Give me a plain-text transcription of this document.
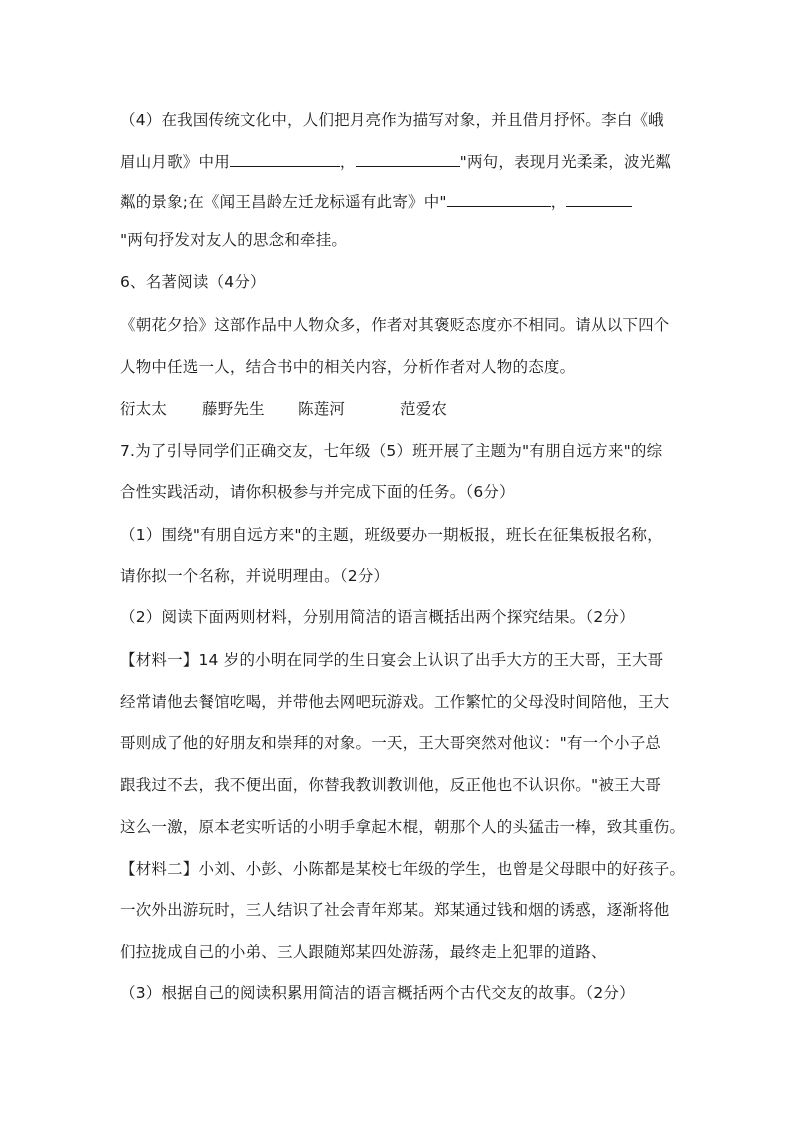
（4）在我国传统文化中，人们把月亮作为描写对象，并且借月抒怀。李白《峨
眉山月歌》中用	，	"两句，表现月光柔柔，波光粼
粼的景象;在《闻王昌龄左迁龙标遥有此寄》中"	，
"两句抒发对友人的思念和牵挂。
6、名著阅读（4分）
《朝花夕拾》这部作品中人物众多，作者对其褒贬态度亦不相同。请从以下四个
人物中任选一人，结合书中的相关内容，分析作者对人物的态度。
衍太太 藤野先生 陈莲河	范爱农
7.为了引导同学们正确交友，七年级（5）班开展了主题为"有朋自远方来"的综
合性实践活动，请你积极参与并完成下面的任务。（6分）
（1）围绕"有朋自远方来"的主题，班级要办一期板报，班长在征集板报名称，
请你拟一个名称，并说明理由。（2分）
（2）阅读下面两则材料，分别用简洁的语言概括出两个探究结果。（2分）
【材料一】14 岁的小明在同学的生日宴会上认识了出手大方的王大哥，王大哥
经常请他去餐馆吃喝，并带他去网吧玩游戏。工作繁忙的父母没时间陪他，王大
哥则成了他的好朋友和崇拜的对象。一天，王大哥突然对他议："有一个小子总
跟我过不去，我不便出面，你替我教训教训他，反正他也不认识你。"被王大哥
这么一激，原本老实听话的小明手拿起木棍，朝那个人的头猛击一棒，致其重伤。
【材料二】小刘、小彭、小陈都是某校七年级的学生，也曾是父母眼中的好孩子。
一次外出游玩时，三人结识了社会青年郑某。郑某通过钱和烟的诱惑，逐渐将他
们拉拢成自己的小弟、三人跟随郑某四处游荡，最终走上犯罪的道路、
（3）根据自己的阅读积累用简洁的语言概括两个古代交友的故事。（2分）
